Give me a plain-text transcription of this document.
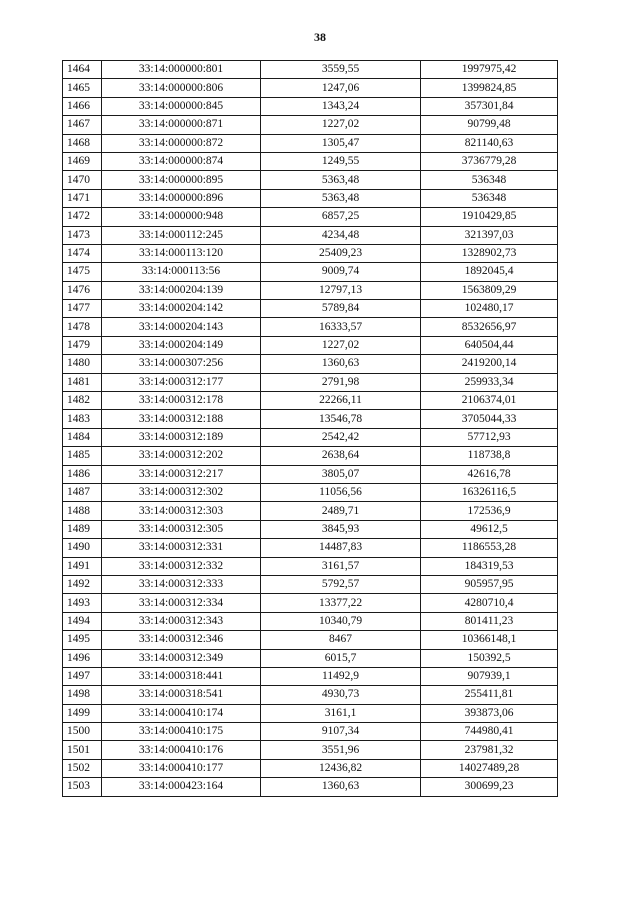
38
1464	33:14:000000:801	3559,55	1997975,42
1465	33:14:000000:806	1247,06	1399824,85
1466	33:14:000000:845	1343,24	357301,84
1467	33:14:000000:871	1227,02	90799,48
1468	33:14:000000:872	1305,47	821140,63
1469	33:14:000000:874	1249,55	3736779,28
1470	33:14:000000:895	5363,48	536348
1471	33:14:000000:896	5363,48	536348
1472	33:14:000000:948	6857,25	1910429,85
1473	33:14:000112:245	4234,48	321397,03
1474	33:14:000113:120	25409,23	1328902,73
1475	33:14:000113:56	9009,74	1892045,4
1476	33:14:000204:139	12797,13	1563809,29
1477	33:14:000204:142	5789,84	102480,17
1478	33:14:000204:143	16333,57	8532656,97
1479	33:14:000204:149	1227,02	640504,44
1480	33:14:000307:256	1360,63	2419200,14
1481	33:14:000312:177	2791,98	259933,34
1482	33:14:000312:178	22266,11	2106374,01
1483	33:14:000312:188	13546,78	3705044,33
1484	33:14:000312:189	2542,42	57712,93
1485	33:14:000312:202	2638,64	118738,8
1486	33:14:000312:217	3805,07	42616,78
1487	33:14:000312:302	11056,56	16326116,5
1488	33:14:000312:303	2489,71	172536,9
1489	33:14:000312:305	3845,93	49612,5
1490	33:14:000312:331	14487,83	1186553,28
1491	33:14:000312:332	3161,57	184319,53
1492	33:14:000312:333	5792,57	905957,95
1493	33:14:000312:334	13377,22	4280710,4
1494	33:14:000312:343	10340,79	801411,23
1495	33:14:000312:346	8467	10366148,1
1496	33:14:000312:349	6015,7	150392,5
1497	33:14:000318:441	11492,9	907939,1
1498	33:14:000318:541	4930,73	255411,81
1499	33:14:000410:174	3161,1	393873,06
1500	33:14:000410:175	9107,34	744980,41
1501	33:14:000410:176	3551,96	237981,32
1502	33:14:000410:177	12436,82	14027489,28
1503	33:14:000423:164	1360,63	300699,23
